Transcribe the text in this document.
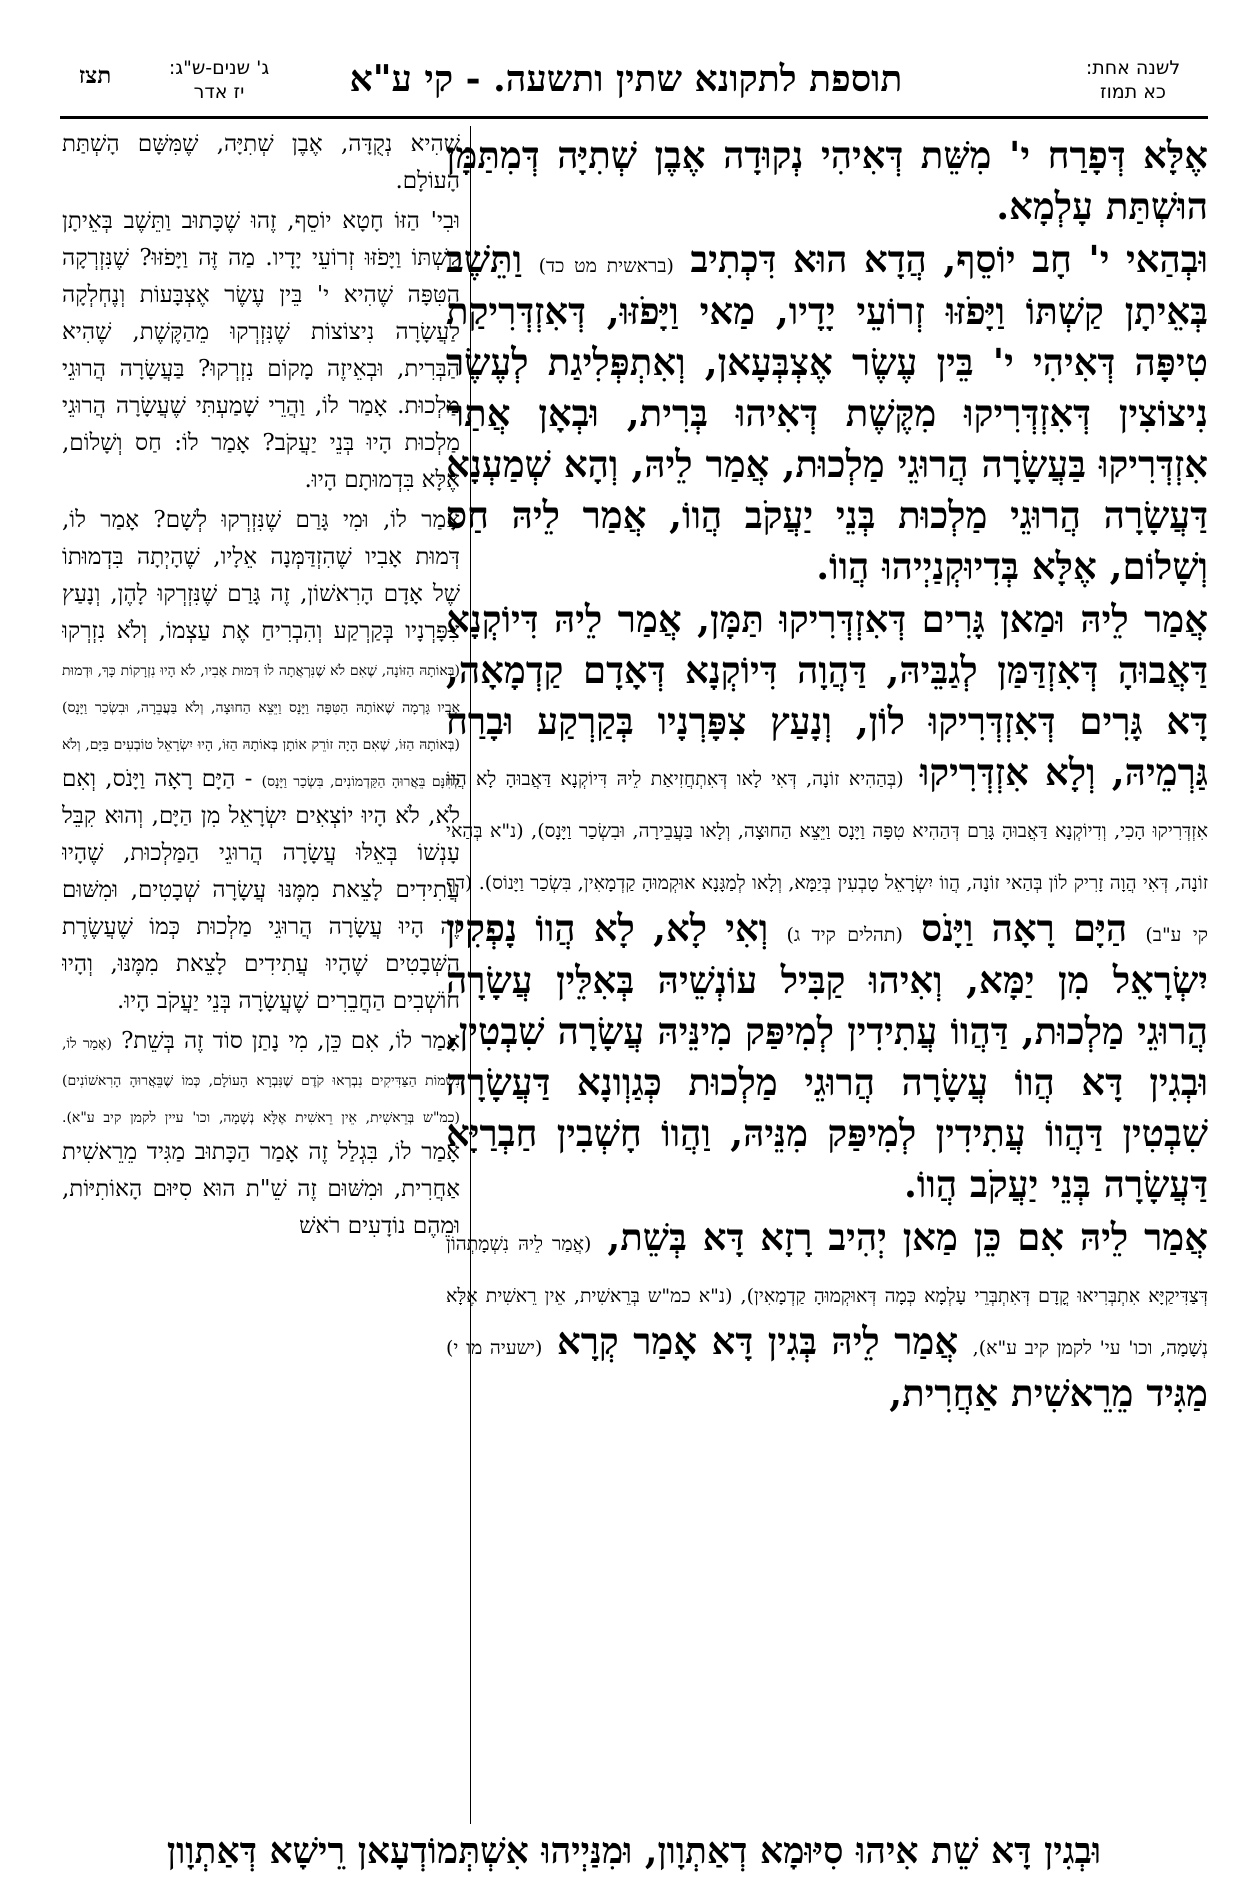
לשנה אחת:
כא תמוז
תוספת לתקונא שתין ותשעה. - קי ע"א
ג' שנים-ש"ג:
יז אדר
תצז

אֶלָּא דְּפָרַח י' מִשֵּׁת דְּאִיהִי נְקוּדָה אֶבֶן שְׁתִיָּה דְּמִתַּמָּן הוּשְׁתַּת עָלְמָא.

וּבְהַאי י' חָב יוֹסֵף, הֲדָא הוּא דִּכְתִיב (בראשית מט כד) וַתֵּשֶׁב בְּאֵיתָן קַשְׁתּוֹ וַיָּפֹזּוּ זְרוֹעֵי יָדָיו, מַאי וַיָּפֹזּוּ, דְּאִזְדְּרִיקַת טִיפָּה דְּאִיהִי י' בֵּין עֶשֶׂר אֶצְבְּעָאן, וְאִתְפְּלִיגַת לְעֶשֶׂר נִיצוֹצִין דְּאִזְדְּרִיקוּ מִקֶּשֶׁת דְּאִיהוּ בְּרִית, וּבְאָן אֲתַר אִזְדְּרִיקוּ בַּעֲשָׂרָה הֲרוּגֵי מַלְכוּת, אֲמַר לֵיהּ, וְהָא שְׁמַעְנָא דַּעֲשָׂרָה הֲרוּגֵי מַלְכוּת בְּנֵי יַעֲקֹב הֲווֹ, אֲמַר לֵיהּ חַס וְשָׁלוֹם, אֶלָּא בְּדִיוּקְנַיְיהוּ הֲווֹ.

אֲמַר לֵיהּ וּמַאן גָּרִים דְּאִזְדְּרִיקוּ תַּמָּן, אֲמַר לֵיהּ דִּיוֹקְנָא דַּאֲבוּהָ דְּאִזְדַּמַּן לְגַבֵּיהּ, דַּהֲוָה דִּיוֹקְנָא דְּאָדָם קַדְמָאָה, דָּא גָּרִים דְּאִזְדְּרִיקוּ לוֹן, וְנָעַץ צִפָּרְנָיו בְּקַרְקַע וּבָרַח גַּרְמֵיהּ, וְלָא אִזְדְּרִיקוּ (בְּהַהִיא זוֹנָה, דְּאִי לָאו דְּאִתְחֲזִיאַת לֵיהּ דִּיוֹקְנָא דַּאֲבוּהָ לָא הֲווֹ אִזְדְּרִיקוּ הָכִי, וְדִיוֹקְנָא דַּאֲבוּהָ גָּרַם דְּהַהִיא טִפָּה וַיָּנָס וַיֵּצֵא הַחוּצָה, וְלָאו בַּעֲבֵירָה, וּבִשְׂכַר וַיָּנָס), (נ"א בְּהַאי זוֹנָה, דְּאִי הֲוָה זָרִיק לוֹן בְּהַאי זוֹנָה, הֲווֹ יִשְׂרָאֵל טָבְעִין בְּיַמָּא, וְלָאו לְמַגָּנָא אוּקְמוּהָ קַדְמָאִין, בִּשְׂכַר וַיָּנוֹס). (דף קי ע"ב) הַיָּם רָאָה וַיָּנֹס (תהלים קיד ג) וְאִי לָא, לָא הֲווֹ נָפְקִין יִשְׂרָאֵל מִן יַמָּא, וְאִיהוּ קַבִּיל עוֹנְשֵׁיהּ בְּאִלֵּין עֲשָׂרָה הֲרוּגֵי מַלְכוּת, דַּהֲווֹ עֲתִידִין לְמִיפַּק מִינֵּיהּ עֲשָׂרָה שִׁבְטִין, וּבְגִין דָּא הֲווֹ עֲשָׂרָה הֲרוּגֵי מַלְכוּת כְּגַוְונָא דַּעֲשָׂרָה שִׁבְטִין דַּהֲווֹ עֲתִידִין לְמִיפַּק מִנֵּיהּ, וַהֲווֹ חָשְׁבִין חַבְרַיָּא דַּעֲשָׂרָה בְּנֵי יַעֲקֹב הֲווֹ.

אֲמַר לֵיהּ אִם כֵּן מַאן יְהִיב רָזָא דָּא בְּשֵׁת, (אֲמַר לֵיהּ נִשְׁמָתְהוֹן דְּצַדִּיקַיָּא אִתְבְּרִיאוּ קֳדָם דְּאִתְבְּרֵי עָלְמָא כְּמָה דְּאוּקְמוּהָ קַדְמָאִין), (נ"א כמ"ש בְּרֵאשִׁית, אֵין רֵאשִׁית אֶלָּא נְשָׁמָה, וכו' עי' לקמן קיב ע"א), אֲמַר לֵיהּ בְּגִין דָּא אָמַר קְרָא (ישעיה מו י) מַגִּיד מֵרֵאשִׁית אַחֲרִית,

שֶׁהִיא נְקֻדָּה, אֶבֶן שְׁתִיָּה, שֶׁמִּשָּׁם הָשְׁתַּת הָעוֹלָם.

וּבִי' הַזּוֹ חָטָא יוֹסֵף, זֶהוּ שֶׁכָּתוּב וַתֵּשֶׁב בְּאֵיתָן קַשְׁתּוֹ וַיָּפֹזּוּ זְרוֹעֵי יָדָיו. מַה זֶּה וַיָּפֹזּוּ? שֶׁנִּזְרְקָה הַטִּפָּה שֶׁהִיא י' בֵּין עֶשֶׂר אֶצְבָּעוֹת וְנֶחְלְקָה לַעֲשָׂרָה נִיצוֹצוֹת שֶׁנִּזְרְקוּ מֵהַקֶּשֶׁת, שֶׁהִיא הַבְּרִית, וּבְאֵיזֶה מָקוֹם נִזְרְקוּ? בַּעֲשָׂרָה הֲרוּגֵי מַלְכוּת. אָמַר לוֹ, וַהֲרֵי שָׁמַעְתִּי שֶׁעֲשָׂרָה הֲרוּגֵי מַלְכוּת הָיוּ בְּנֵי יַעֲקֹב? אָמַר לוֹ: חַס וְשָׁלוֹם, אֶלָּא בִּדְמוּתָם הָיוּ.

אָמַר לוֹ, וּמִי גָּרַם שֶׁנִּזְרְקוּ לְשָׁם? אָמַר לוֹ, דְּמוּת אָבִיו שֶׁהִזְדַּמְּנָה אֵלָיו, שֶׁהָיְתָה בִּדְמוּתוֹ שֶׁל אָדָם הָרִאשׁוֹן, זֶה גָּרַם שֶׁנִּזְרְקוּ לָהֶן, וְנָעַץ צִפָּרְנָיו בְּקַרְקַע וְהִבְרִיחַ אֶת עַצְמוֹ, וְלֹא נִזְרְקוּ (בְּאוֹתָהּ הַזּוֹנָה, שֶׁאִם לֹא שֶׁנִּרְאֲתָה לוֹ דְּמוּת אָבִיו, לֹא הָיוּ נִזְרָקוֹת כָּךְ, וּדְמוּת אָבִיו גָּרְמָה שֶׁאוֹתָהּ הַטִּפָּה וַיָּנָס וַיֵּצֵא הַחוּצָה, וְלֹא בַּעֲבֵרָה, וּבִשְׂכַר וַיָּנָס) (בְּאוֹתָהּ הַזּוֹ, שֶׁאִם הָיָה זוֹרֵק אוֹתָן בְּאוֹתָהּ הַזּוֹ, הָיוּ יִשְׂרָאֵל טוֹבְעִים בַּיָּם, וְלֹא לְחִנָּם בֵּאֲרוּהָ הַקַּדְמוֹנִים, בִּשְׂכַר וַיָּנָס) - הַיָּם רָאָה וַיָּנֹס, וְאִם לֹא, לֹא הָיוּ יוֹצְאִים יִשְׂרָאֵל מִן הַיָּם, וְהוּא קִבֵּל עָנְשׁוֹ בְּאֵלּוּ עֲשָׂרָה הֲרוּגֵי הַמַּלְכוּת, שֶׁהָיוּ עֲתִידִים לָצֵאת מִמֶּנּוּ עֲשָׂרָה שְׁבָטִים, וּמִשּׁוּם זֶה הָיוּ עֲשָׂרָה הֲרוּגֵי מַלְכוּת כְּמוֹ שֶׁעֲשֶׂרֶת הַשְּׁבָטִים שֶׁהָיוּ עֲתִידִים לָצֵאת מִמֶּנּוּ, וְהָיוּ חוֹשְׁבִים הַחֲבֵרִים שֶׁעֲשָׂרָה בְּנֵי יַעֲקֹב הָיוּ.

אָמַר לוֹ, אִם כֵּן, מִי נָתַן סוֹד זֶה בְּשֵׁת? (אָמַר לוֹ, נִשְׁמוֹת הַצַּדִּיקִים נִבְרְאוּ קֹדֶם שֶׁנִּבְרָא הָעוֹלָם, כְּמוֹ שֶׁבֵּאֲרוּהָ הָרִאשׁוֹנִים) (כמ"ש בְּרֵאשִׁית, אֵין רֵאשִׁית אֶלָּא נְשָׁמָה, וכו' עיין לקמן קיב ע"א). אָמַר לוֹ, בִּגְלַל זֶה אָמַר הַכָּתוּב מַגִּיד מֵרֵאשִׁית אַחֲרִית, וּמִשּׁוּם זֶה שֵׁ"ת הוּא סִיּוּם הָאוֹתִיּוֹת, וּמֵהֶם נוֹדָעִים רֹאשׁ

וּבְגִין דָּא שֵׁת אִיהוּ סִיּוּמָא דְאַתְוָון, וּמִנַּיְיהוּ אִשְׁתְּמוֹדְעָאן רֵישָׁא דְּאַתְוָון
